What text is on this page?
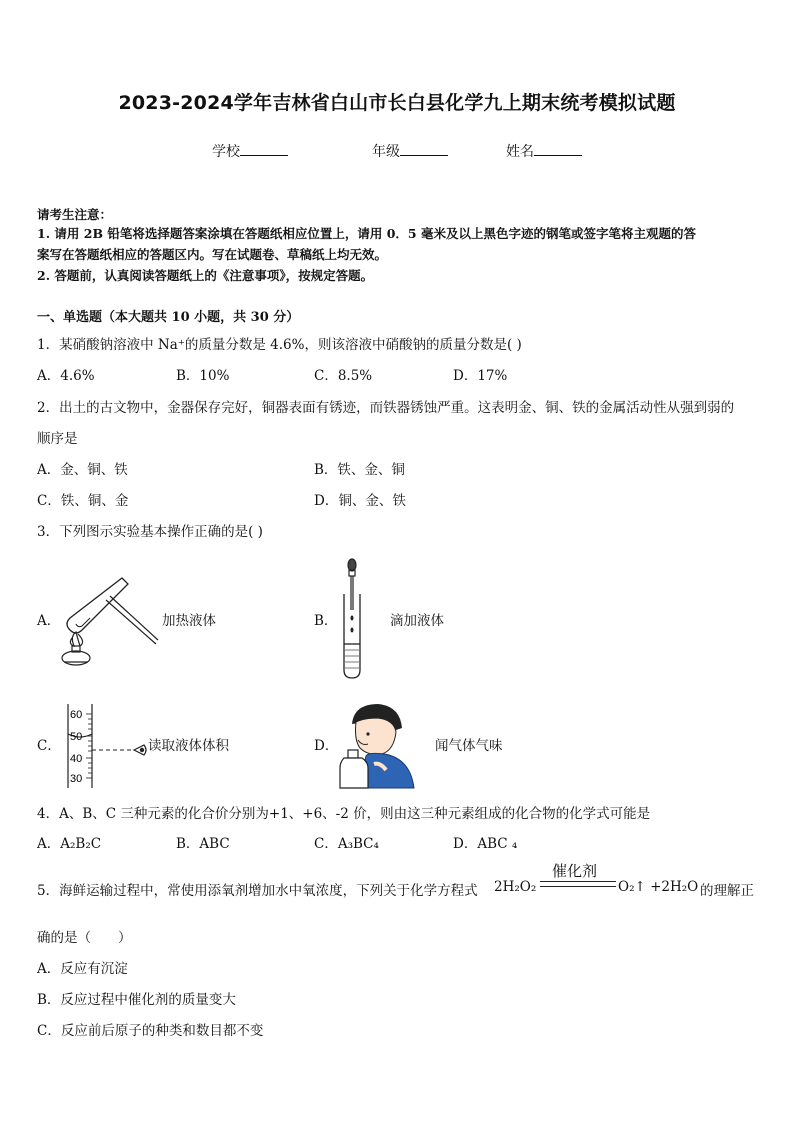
2023-2024学年吉林省白山市长白县化学九上期末统考模拟试题
学校	年级	姓名
请考生注意：
1. 请用 2B 铅笔将选择题答案涂填在答题纸相应位置上，请用 0．5 毫米及以上黑色字迹的钢笔或签字笔将主观题的答
案写在答题纸相应的答题区内。写在试题卷、草稿纸上均无效。
2. 答题前，认真阅读答题纸上的《注意事项》，按规定答题。
一、单选题（本大题共 10 小题，共 30 分）
1．某硝酸钠溶液中 Na⁺的质量分数是 4.6%，则该溶液中硝酸钠的质量分数是( )
A．4.6%	B．10%	C．8.5%	D．17%
2．出土的古文物中，金器保存完好，铜器表面有锈迹，而铁器锈蚀严重。这表明金、铜、铁的金属活动性从强到弱的
顺序是
A．金、铜、铁	B．铁、金、铜
C．铁、铜、金	D．铜、金、铁
3．下列图示实验基本操作正确的是( )
A．	加热液体	B．	滴加液体
C．
60
50
40
30
读取液体体积	D．	闻气体气味
4．A、B、C 三种元素的化合价分别为+1、+6、-2 价，则由这三种元素组成的化合物的化学式可能是
A．A₂B₂C	B．ABC	C．A₃BC₄	D．ABC ₄
5．海鲜运输过程中，常使用添氧剂增加水中氧浓度，下列关于化学方程式 2H₂O₂
催化剂
O₂↑ +2H₂O 的理解正
确的是（　　）
A．反应有沉淀
B．反应过程中催化剂的质量变大
C．反应前后原子的种类和数目都不变
